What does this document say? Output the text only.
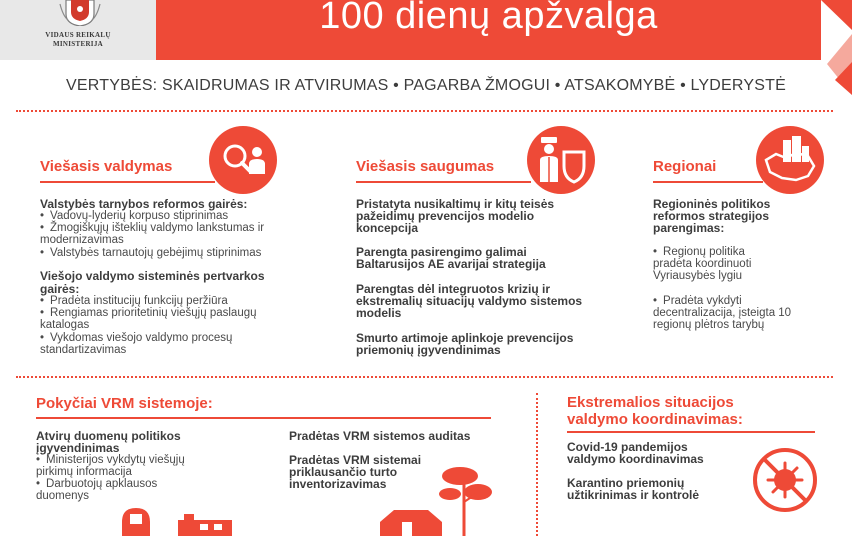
VIDAUS REIKALŲ
MINISTERIJA
100 dienų apžvalga
VERTYBĖS: SKAIDRUMAS IR ATVIRUMAS • PAGARBA ŽMOGUI • ATSAKOMYBĖ • LYDERYSTĖ
Viešasis valdymas
Valstybės tarnybos reformos gairės:
• Vadovų-lyderių korpuso stiprinimas
• Žmogiškųjų išteklių valdymo lankstumas ir
modernizavimas
• Valstybės tarnautojų gebėjimų stiprinimas
Viešojo valdymo sisteminės pertvarkos
gairės:
• Pradėta institucijų funkcijų peržiūra
• Rengiamas prioritetinių viešųjų paslaugų
katalogas
• Vykdomas viešojo valdymo procesų
standartizavimas
Viešasis saugumas
Pristatyta nusikaltimų ir kitų teisės
pažeidimų prevencijos modelio
koncepcija
Parengta pasirengimo galimai
Baltarusijos AE avarijai strategija
Parengtas dėl integruotos krizių ir
ekstremalių situacijų valdymo sistemos
modelis
Smurto artimoje aplinkoje prevencijos
priemonių įgyvendinimas
Regionai
Regioninės politikos
reformos strategijos
parengimas:
• Regionų politika
pradėta koordinuoti
Vyriausybės lygiu
• Pradėta vykdyti
decentralizacija, įsteigta 10
regionų plėtros tarybų
Pokyčiai VRM sistemoje:
Atvirų duomenų politikos
įgyvendinimas
• Ministerijos vykdytų viešųjų
pirkimų informacija
• Darbuotojų apklausos
duomenys
Pradėtas VRM sistemos auditas
Pradėtas VRM sistemai
priklausančio turto
inventorizavimas
Ekstremalios situacijos
valdymo koordinavimas:
Covid-19 pandemijos
valdymo koordinavimas
Karantino priemonių
užtikrinimas ir kontrolė
